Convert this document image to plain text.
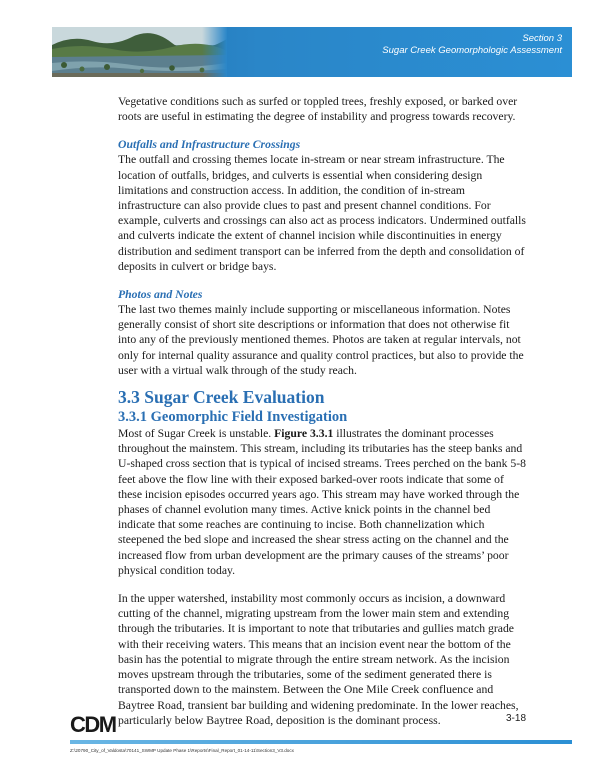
Section 3
Sugar Creek Geomorphologic Assessment

Vegetative conditions such as surfed or toppled trees, freshly exposed, or barked over roots are useful in estimating the degree of instability and progress towards recovery.

Outfalls and Infrastructure Crossings

The outfall and crossing themes locate in-stream or near stream infrastructure. The location of outfalls, bridges, and culverts is essential when considering design limitations and construction access. In addition, the condition of in-stream infrastructure can also provide clues to past and present channel conditions. For example, culverts and crossings can also act as process indicators. Undermined outfalls and culverts indicate the extent of channel incision while discontinuities in energy distribution and sediment transport can be inferred from the depth and consolidation of deposits in culvert or bridge bays.

Photos and Notes

The last two themes mainly include supporting or miscellaneous information. Notes generally consist of short site descriptions or information that does not otherwise fit into any of the previously mentioned themes. Photos are taken at regular intervals, not only for internal quality assurance and quality control practices, but also to provide the user with a virtual walk through of the study reach.

3.3 Sugar Creek Evaluation
3.3.1 Geomorphic Field Investigation

Most of Sugar Creek is unstable. Figure 3.3.1 illustrates the dominant processes throughout the mainstem. This stream, including its tributaries has the steep banks and U-shaped cross section that is typical of incised streams. Trees perched on the bank 5-8 feet above the flow line with their exposed barked-over roots indicate that some of these incision episodes occurred years ago. This stream may have worked through the phases of channel evolution many times. Active knick points in the channel bed indicate that some reaches are continuing to incise. Both channelization which steepened the bed slope and increased the shear stress acting on the channel and the increased flow from urban development are the primary causes of the streams’ poor physical condition today.

In the upper watershed, instability most commonly occurs as incision, a downward cutting of the channel, migrating upstream from the lower main stem and extending through the tributaries. It is important to note that tributaries and gullies match grade with their receiving waters. This means that an incision event near the bottom of the basin has the potential to migrate through the entire stream network. As the incision moves upstream through the tributaries, some of the sediment generated there is transported down to the mainstem. Between the One Mile Creek confluence and Baytree Road, transient bar building and widening predominate. In the lower reaches, particularly below Baytree Road, deposition is the dominant process.

CDM	3-18
Z:\20790_City_of_Valdosta\70141_SWMP Update Phase 1\Reports\Final_Report_01-14-11\Section3_V3.docx
